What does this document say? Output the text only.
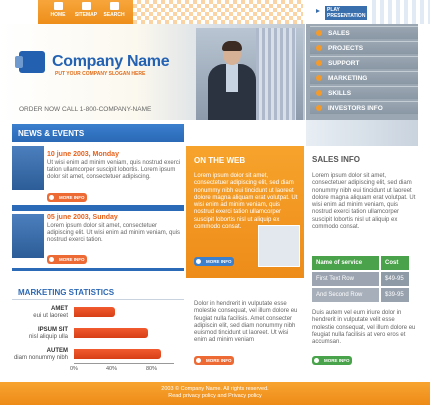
HOME	SITEMAP	SEARCH
PLAY
PRESENTATION
Company Name
PUT YOUR COMPANY SLOGAN HERE
ORDER NOW CALL 1-800-COMPANY-NAME
SALES
PROJECTS
SUPPORT
MARKETING
SKILLS
INVESTORS INFO
NEWS & EVENTS
10 june 2003, Monday
Ut wisi enim ad minim veniam, quis nostrud exerci tation ullamcorper suscipit lobortis. Lorem ipsum dolor sit amet, consectetuer adipiscing.
MORE INFO
05 june 2003, Sunday
Lorem ipsum dolor sit amet, consectetuer adipiscing elit. Ut wisi enim ad minim veniam, quis nostrud exerci tation.
MORE INFO
ON THE WEB
Lorem ipsum dolor sit amet, consectetuer adipiscing elit, sed diam nonummy nibh eui tincidunt ut laoreet dolore magna aliquam erat volutpat. Ut wisi enim ad minim veniam, quis nostrud exerci tation ullamcorper suscipit lobortis nisl ut aliquip ex commodo consat.
MORE INFO
SALES INFO
Lorem ipsum dolor sit amet, consectetuer adipiscing elit, sed diam nonummy nibh eui tincidunt ut laoreet dolore magna aliquam erat volutpat. Ut wisi enim ad minim veniam, quis nostrud exerci tation ullamcorper suscipit lobortis nisl ut aliquip ex commodo consat.
Name of service	Cost
First Text Row	$49-95
And Second Row	$39-95
Duis autem vel eum iriure dolor in hendrerit in vulputate velit esse molestie consequat, vel illum dolore eu feugiat nulla facilisis at vero eros et accumsan.
MORE INFO
MARKETING STATISTICS
AMET
eui ut laoreet
IPSUM SIT
nisl aliquip ulla
AUTEM
diam nonummy nibh
0%	40%	80%
Dolor in hendrerit in vulputate esse molestie consequat, vel illum dolore eu feugiat nulla facilisis. Amet consecter adipiscin elit, sed diam nonummy nibh euismod tincidunt ut laoreet. Ut wisi enim ad minim veniam
MORE INFO
2003 © Company Name. All rights reserved.
Read privacy policy and Privacy policy
